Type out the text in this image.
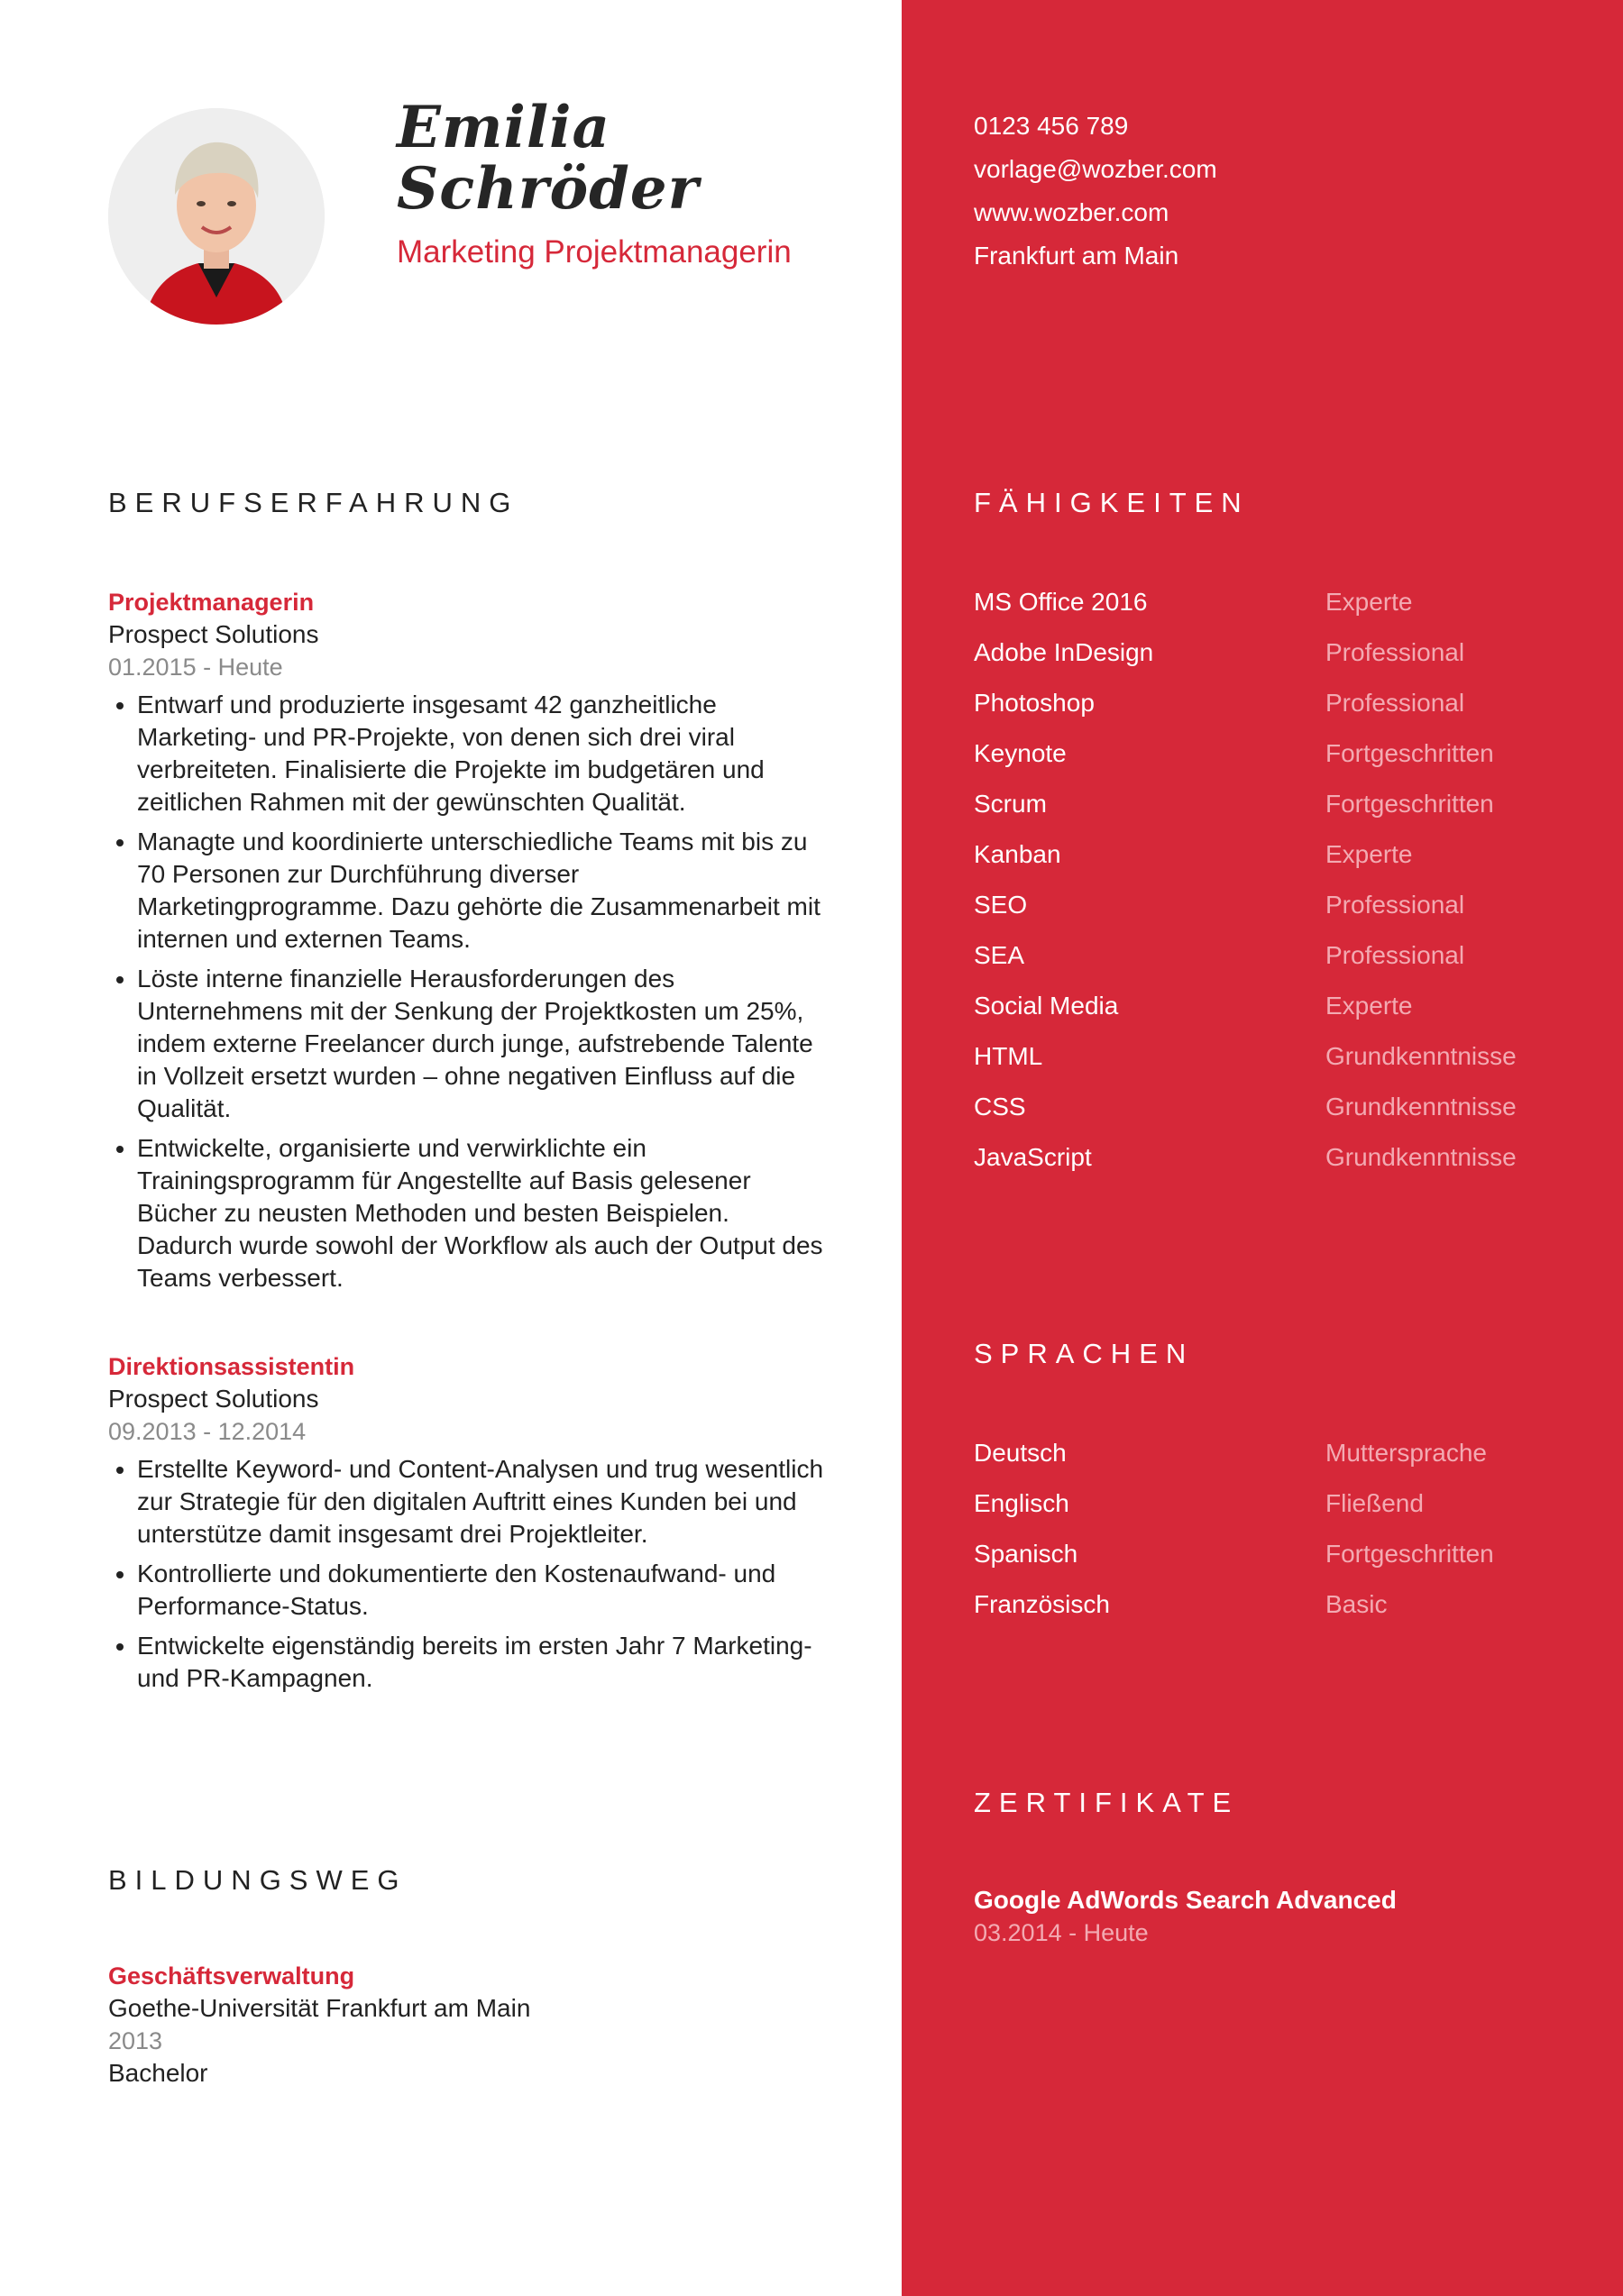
Emilia
Schröder
Marketing Projektmanagerin
BERUFSERFAHRUNG
Projektmanagerin
Prospect Solutions
01.2015 - Heute
• Entwarf und produzierte insgesamt 42 ganzheitliche Marketing- und PR-Projekte, von denen sich drei viral verbreiteten. Finalisierte die Projekte im budgetären und zeitlichen Rahmen mit der gewünschten Qualität.
• Managte und koordinierte unterschiedliche Teams mit bis zu 70 Personen zur Durchführung diverser Marketingprogramme. Dazu gehörte die Zusammenarbeit mit internen und externen Teams.
• Löste interne finanzielle Herausforderungen des Unternehmens mit der Senkung der Projektkosten um 25%, indem externe Freelancer durch junge, aufstrebende Talente in Vollzeit ersetzt wurden – ohne negativen Einfluss auf die Qualität.
• Entwickelte, organisierte und verwirklichte ein Trainingsprogramm für Angestellte auf Basis gelesener Bücher zu neusten Methoden und besten Beispielen. Dadurch wurde sowohl der Workflow als auch der Output des Teams verbessert.
Direktionsassistentin
Prospect Solutions
09.2013 - 12.2014
• Erstellte Keyword- und Content-Analysen und trug wesentlich zur Strategie für den digitalen Auftritt eines Kunden bei und unterstütze damit insgesamt drei Projektleiter.
• Kontrollierte und dokumentierte den Kostenaufwand- und Performance-Status.
• Entwickelte eigenständig bereits im ersten Jahr 7 Marketing- und PR-Kampagnen.
BILDUNGSWEG
Geschäftsverwaltung
Goethe-Universität Frankfurt am Main
2013
Bachelor
0123 456 789
vorlage@wozber.com
www.wozber.com
Frankfurt am Main
FÄHIGKEITEN
MS Office 2016	Experte
Adobe InDesign	Professional
Photoshop	Professional
Keynote	Fortgeschritten
Scrum	Fortgeschritten
Kanban	Experte
SEO	Professional
SEA	Professional
Social Media	Experte
HTML	Grundkenntnisse
CSS	Grundkenntnisse
JavaScript	Grundkenntnisse
SPRACHEN
Deutsch	Muttersprache
Englisch	Fließend
Spanisch	Fortgeschritten
Französisch	Basic
ZERTIFIKATE
Google AdWords Search Advanced
03.2014 - Heute
